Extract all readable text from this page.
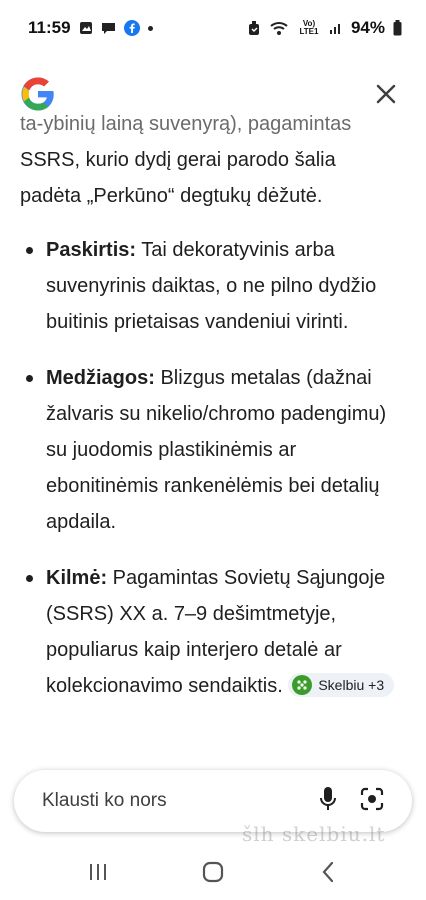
11:59	Vo) LTE1 94%

ta-ybinių lainą suvenyrą), pagamintas
SSRS, kurio dydį gerai parodo šalia padėta „Perkūno“ degtukų dėžutė.

Paskirtis: Tai dekoratyvinis arba suvenyrinis daiktas, o ne pilno dydžio buitinis prietaisas vandeniui virinti.
Medžiagos: Blizgus metalas (dažnai žalvaris su nikelio/chromo padengimu) su juodomis plastikinėmis ar ebonitinėmis rankenėlėmis bei detalių apdaila.
Kilmė: Pagamintas Sovietų Sąjungoje (SSRS) XX a. 7–9 dešimtmetyje, populiarus kaip interjero detalė ar kolekcionavimo sendaiktis. Skelbiu +3
Klausti ko nors
šlh skelbiu.lt
